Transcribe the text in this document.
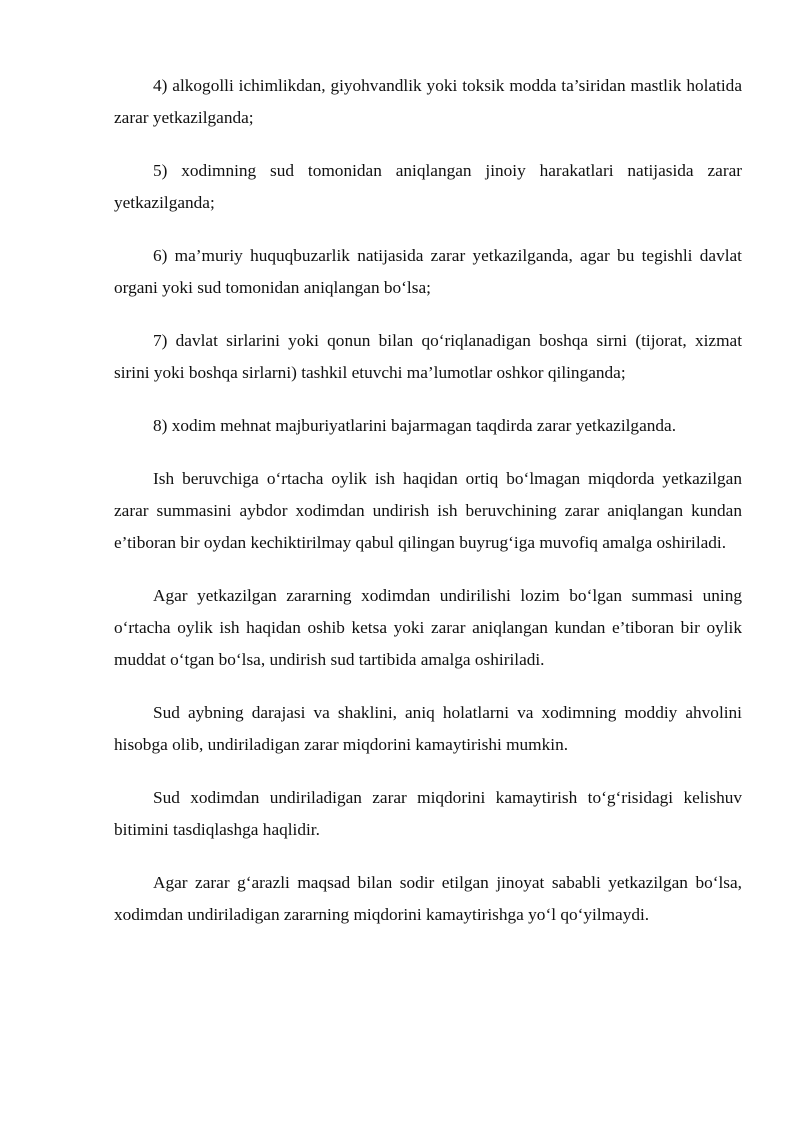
4) alkogolli ichimlikdan, giyohvandlik yoki toksik modda ta’siridan mastlik holatida zarar yetkazilganda;

5) xodimning sud tomonidan aniqlangan jinoiy harakatlari natijasida zarar yetkazilganda;

6) ma’muriy huquqbuzarlik natijasida zarar yetkazilganda, agar bu tegishli davlat organi yoki sud tomonidan aniqlangan bo‘lsa;

7) davlat sirlarini yoki qonun bilan qo‘riqlanadigan boshqa sirni (tijorat, xizmat sirini yoki boshqa sirlarni) tashkil etuvchi ma’lumotlar oshkor qilinganda;

8) xodim mehnat majburiyatlarini bajarmagan taqdirda zarar yetkazilganda.

Ish beruvchiga o‘rtacha oylik ish haqidan ortiq bo‘lmagan miqdorda yetkazilgan zarar summasini aybdor xodimdan undirish ish beruvchining zarar aniqlangan kundan e’tiboran bir oydan kechiktirilmay qabul qilingan buyrug‘iga muvofiq amalga oshiriladi.

Agar yetkazilgan zararning xodimdan undirilishi lozim bo‘lgan summasi uning o‘rtacha oylik ish haqidan oshib ketsa yoki zarar aniqlangan kundan e’tiboran bir oylik muddat o‘tgan bo‘lsa, undirish sud tartibida amalga oshiriladi.

Sud aybning darajasi va shaklini, aniq holatlarni va xodimning moddiy ahvolini hisobga olib, undiriladigan zarar miqdorini kamaytirishi mumkin.

Sud xodimdan undiriladigan zarar miqdorini kamaytirish to‘g‘risidagi kelishuv bitimini tasdiqlashga haqlidir.

Agar zarar g‘arazli maqsad bilan sodir etilgan jinoyat sababli yetkazilgan bo‘lsa, xodimdan undiriladigan zararning miqdorini kamaytirishga yo‘l qo‘yilmaydi.
